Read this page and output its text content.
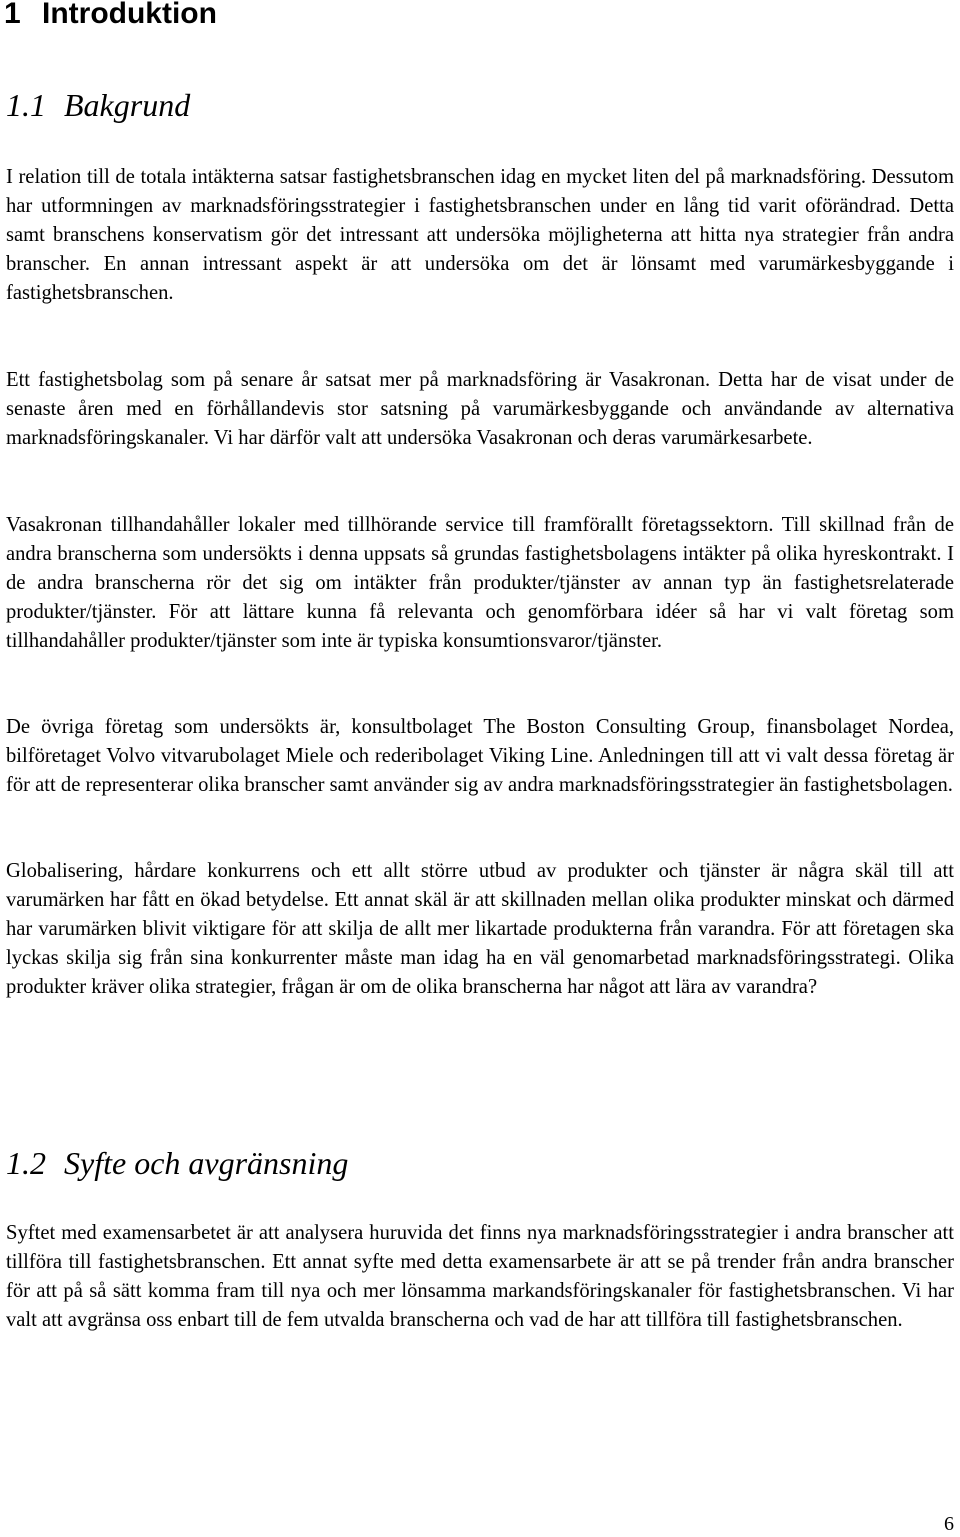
1 Introduktion
1.1 Bakgrund

I relation till de totala intäkterna satsar fastighetsbranschen idag en mycket liten del på marknadsföring. Dessutom har utformningen av marknadsföringsstrategier i fastighetsbranschen under en lång tid varit oförändrad. Detta samt branschens konservatism gör det intressant att undersöka möjligheterna att hitta nya strategier från andra branscher. En annan intressant aspekt är att undersöka om det är lönsamt med varumärkesbyggande i fastighetsbranschen.

Ett fastighetsbolag som på senare år satsat mer på marknadsföring är Vasakronan. Detta har de visat under de senaste åren med en förhållandevis stor satsning på varumärkesbyggande och användande av alternativa marknadsföringskanaler. Vi har därför valt att undersöka Vasakronan och deras varumärkesarbete.

Vasakronan tillhandahåller lokaler med tillhörande service till framförallt företagssektorn. Till skillnad från de andra branscherna som undersökts i denna uppsats så grundas fastighetsbolagens intäkter på olika hyreskontrakt. I de andra branscherna rör det sig om intäkter från produkter/tjänster av annan typ än fastighetsrelaterade produkter/tjänster. För att lättare kunna få relevanta och genomförbara idéer så har vi valt företag som tillhandahåller produkter/tjänster som inte är typiska konsumtionsvaror/tjänster.

De övriga företag som undersökts är, konsultbolaget The Boston Consulting Group, finansbolaget Nordea, bilföretaget Volvo vitvarubolaget Miele och rederibolaget Viking Line. Anledningen till att vi valt dessa företag är för att de representerar olika branscher samt använder sig av andra marknadsföringsstrategier än fastighetsbolagen.

Globalisering, hårdare konkurrens och ett allt större utbud av produkter och tjänster är några skäl till att varumärken har fått en ökad betydelse. Ett annat skäl är att skillnaden mellan olika produkter minskat och därmed har varumärken blivit viktigare för att skilja de allt mer likartade produkterna från varandra. För att företagen ska lyckas skilja sig från sina konkurrenter måste man idag ha en väl genomarbetad marknadsföringsstrategi. Olika produkter kräver olika strategier, frågan är om de olika branscherna har något att lära av varandra?

1.2 Syfte och avgränsning

Syftet med examensarbetet är att analysera huruvida det finns nya marknadsföringsstrategier i andra branscher att tillföra till fastighetsbranschen. Ett annat syfte med detta examensarbete är att se på trender från andra branscher för att på så sätt komma fram till nya och mer lönsamma markandsföringskanaler för fastighetsbranschen. Vi har valt att avgränsa oss enbart till de fem utvalda branscherna och vad de har att tillföra till fastighetsbranschen.

6
